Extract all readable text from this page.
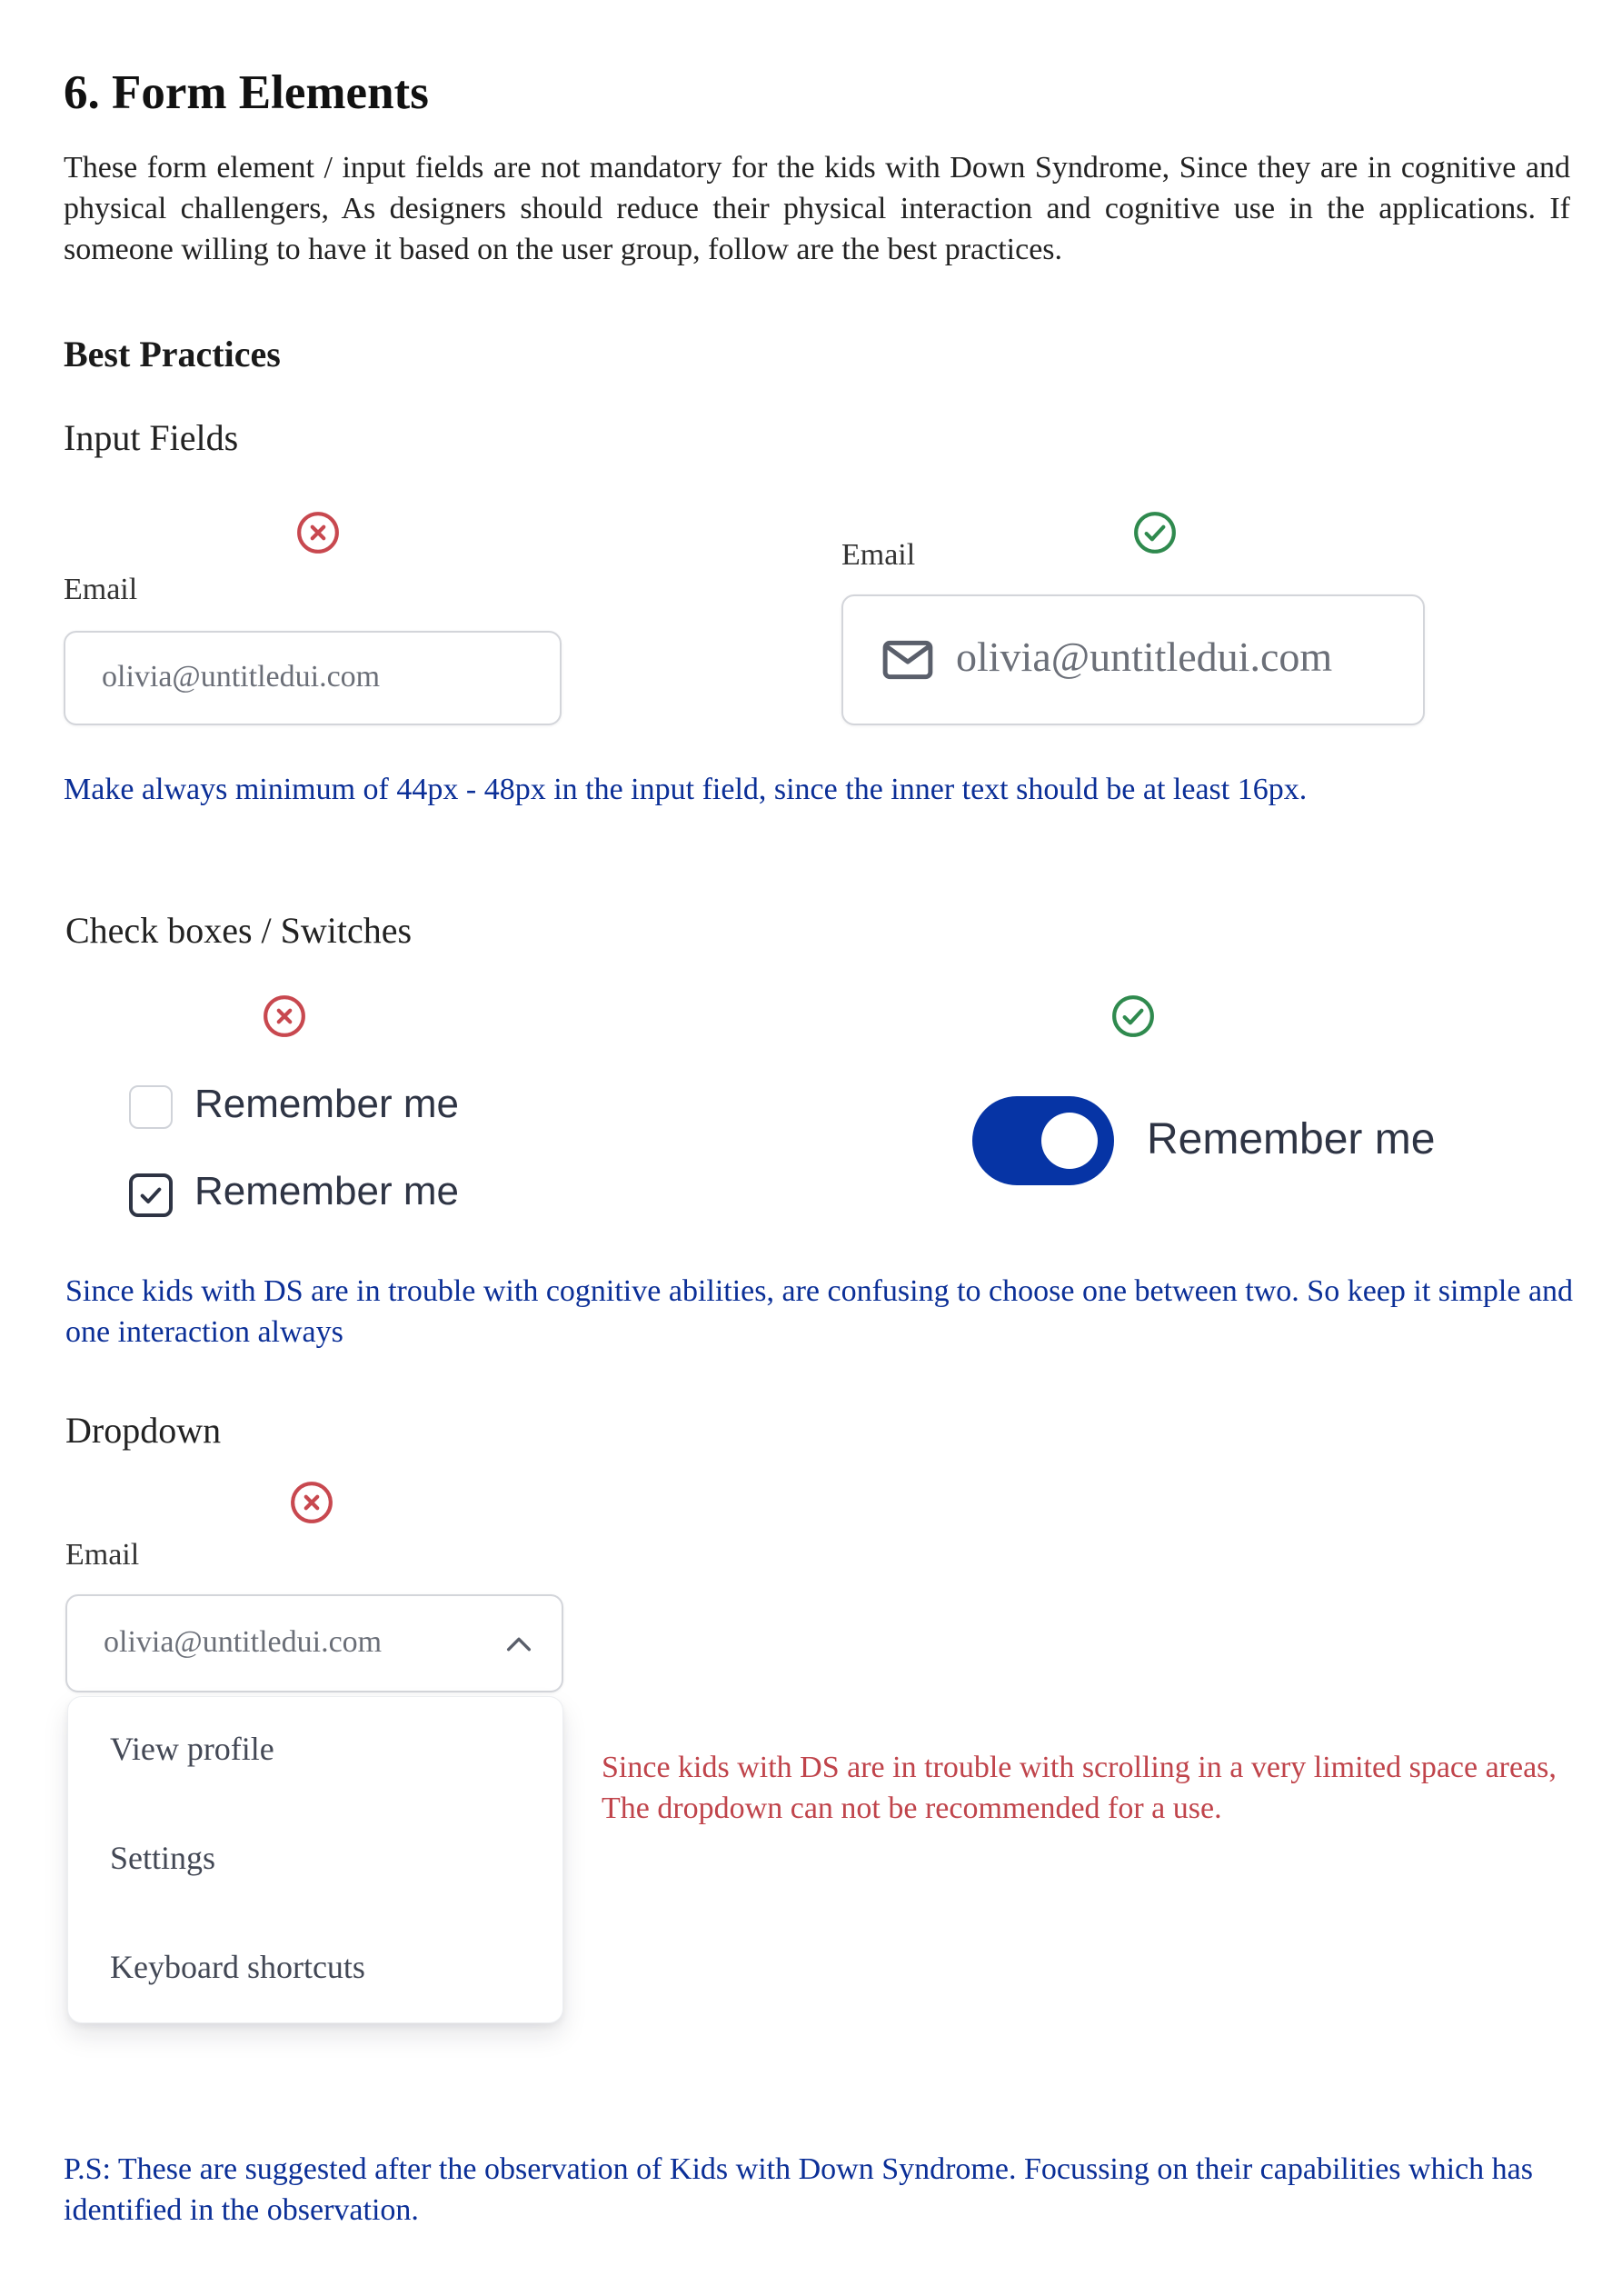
6. Form Elements
These form element / input fields are not mandatory for the kids with Down Syndrome, Since they are in cognitive and physical challengers, As designers should reduce their physical interaction and cognitive use in the applications. If someone willing to have it based on the user group, follow are the best practices.
Best Practices
Input Fields
Email
olivia@untitledui.com
Email
olivia@untitledui.com
Make always minimum of 44px - 48px in the input field, since the inner text should be at least 16px.
Check boxes / Switches
Remember me
Remember me
Remember me
Since kids with DS are in trouble with cognitive abilities, are confusing to choose one between two. So keep it simple and one interaction always
Dropdown
Email
olivia@untitledui.com
View profile
Settings
Keyboard shortcuts
Since kids with DS are in trouble with scrolling in a very limited space areas, The dropdown can not be recommended for a use.
P.S: These are suggested after the observation of Kids with Down Syndrome. Focussing on their capabilities which has identified in the observation.
